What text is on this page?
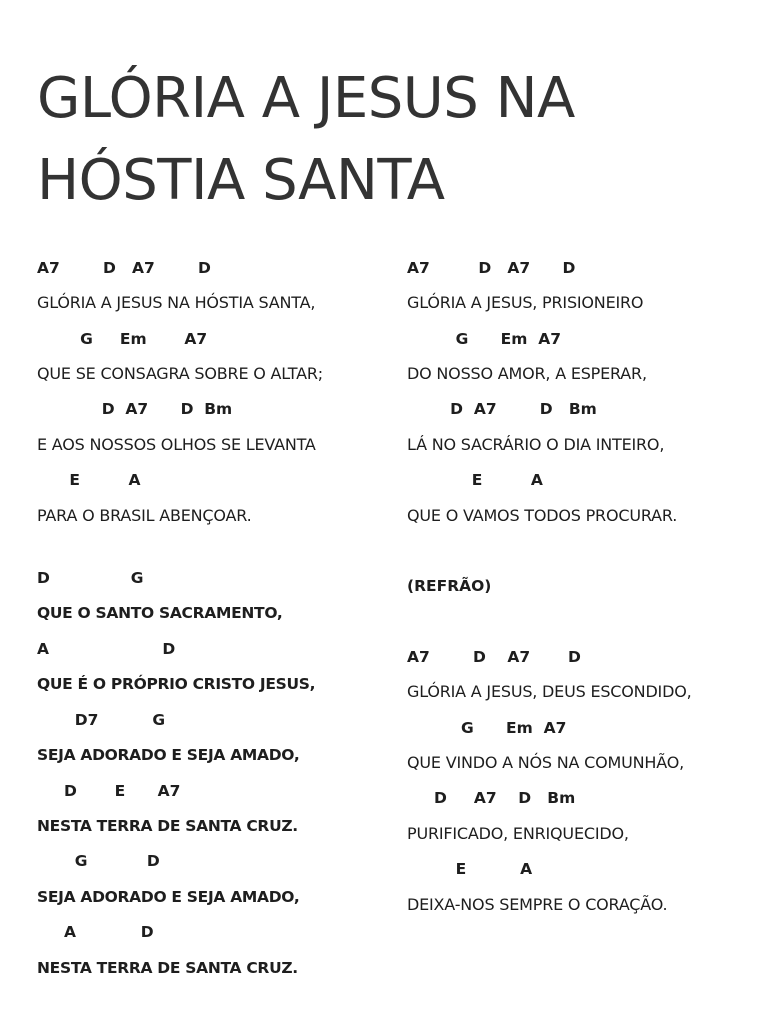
GLÓRIA A JESUS NA
HÓSTIA SANTA
A7        D   A7        D
GLÓRIA A JESUS NA HÓSTIA SANTA,
G     Em       A7
QUE SE CONSAGRA SOBRE O ALTAR;
D  A7      D  Bm
E AOS NOSSOS OLHOS SE LEVANTA
E         A
PARA O BRASIL ABENÇOAR.
D               G
QUE O SANTO SACRAMENTO,
A                     D
QUE É O PRÓPRIO CRISTO JESUS,
D7          G
SEJA ADORADO E SEJA AMADO,
D       E      A7
NESTA TERRA DE SANTA CRUZ.
G           D
SEJA ADORADO E SEJA AMADO,
A            D
NESTA TERRA DE SANTA CRUZ.
A7         D   A7      D
GLÓRIA A JESUS, PRISIONEIRO
G      Em  A7
DO NOSSO AMOR, A ESPERAR,
D  A7        D   Bm
LÁ NO SACRÁRIO O DIA INTEIRO,
E         A
QUE O VAMOS TODOS PROCURAR.
(REFRÃO)
A7        D    A7       D
GLÓRIA A JESUS, DEUS ESCONDIDO,
G      Em  A7
QUE VINDO A NÓS NA COMUNHÃO,
D     A7    D   Bm
PURIFICADO, ENRIQUECIDO,
E          A
DEIXA-NOS SEMPRE O CORAÇÃO.
